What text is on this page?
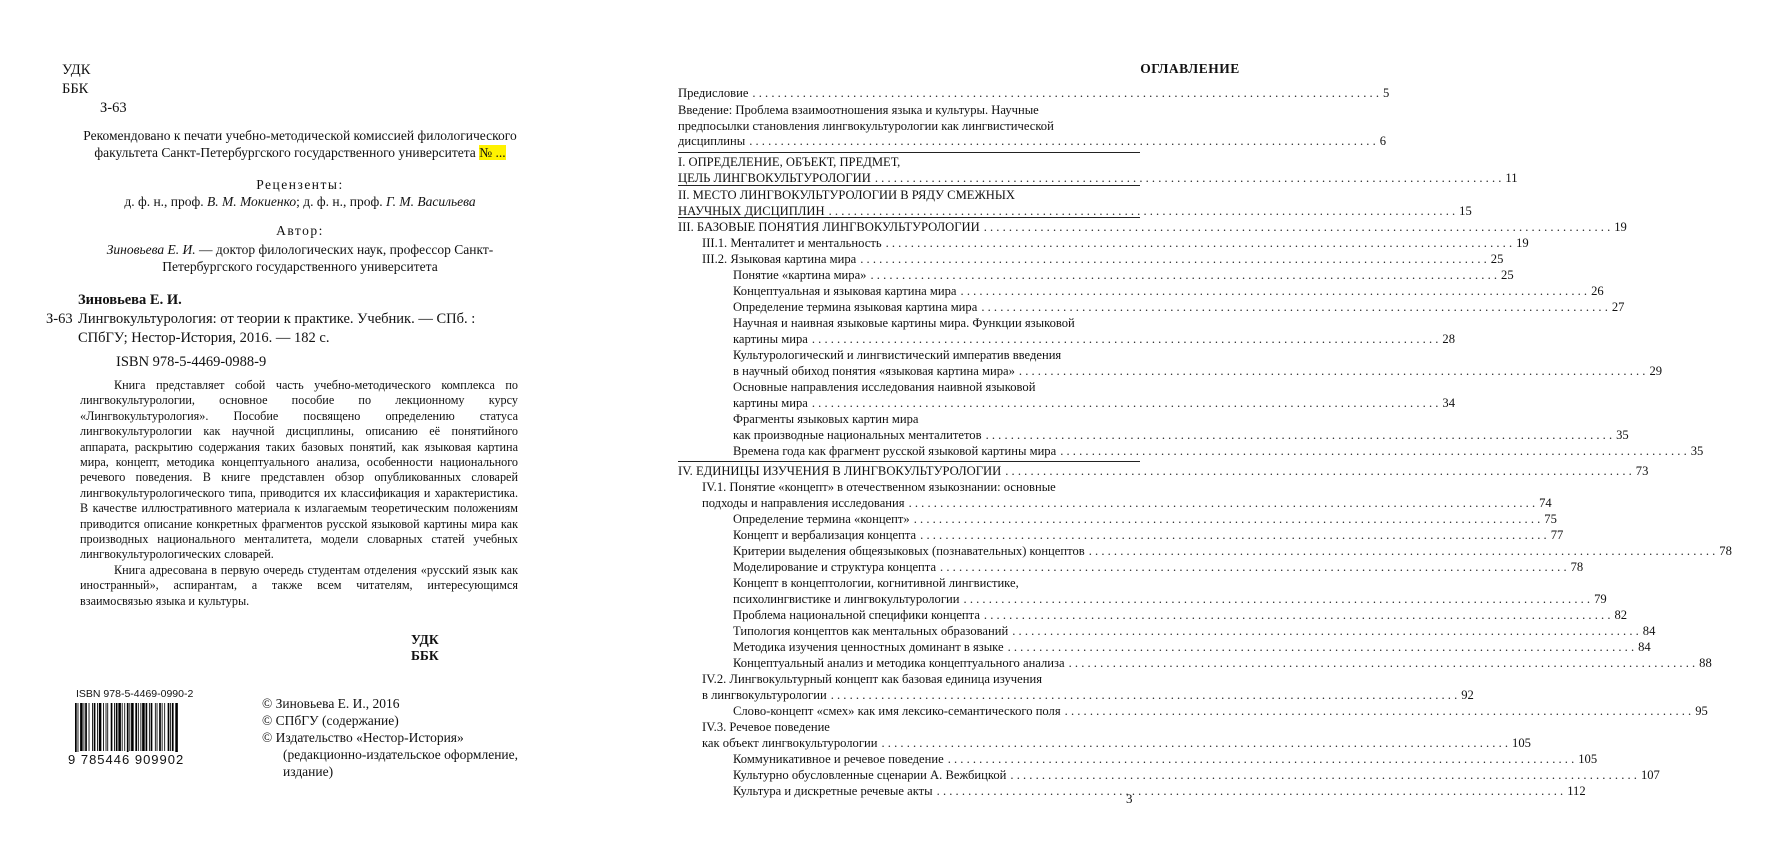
УДК
ББК
З-63
Рекомендовано к печати учебно-методической комиссией филологического
факультета Санкт-Петербургского государственного университета № ...
Рецензенты:
д. ф. н., проф. В. М. Мокиенко; д. ф. н., проф. Г. М. Васильева
Автор:
Зиновьева Е. И. — доктор филологических наук, профессор Санкт-
Петербургского государственного университета
Зиновьева Е. И.
З-63 Лингвокультурология: от теории к практике. Учебник. — СПб. :
СПбГУ; Нестор-История, 2016. — 182 с.
ISBN 978-5-4469-0988-9

Книга представляет собой часть учебно-методического комплекса по лингвокультурологии, основное пособие по лекционному курсу «Лингвокультурология». Пособие посвящено определению статуса лингвокультурологии как научной дисциплины, описанию её понятийного аппарата, раскрытию содержания таких базовых понятий, как языковая картина мира, концепт, методика концептуального анализа, особенности национального речевого поведения. В книге представлен обзор опубликованных словарей лингвокультурологического типа, приводится их классификация и характеристика. В качестве иллюстративного материала к излагаемым теоретическим положениям приводится описание конкретных фрагментов русской языковой картины мира как производных национального менталитета, модели словарных статей учебных лингвокультурологических словарей.

Книга адресована в первую очередь студентам отделения «русский язык как иностранный», аспирантам, а также всем читателям, интересующимся взаимосвязью языка и культуры.

УДК
ББК
ISBN 978-5-4469-0990-2
9 785446 909902
© Зиновьева Е. И., 2016
© СПбГУ (содержание)
© Издательство «Нестор-История»
(редакционно-издательское оформление,
издание)
ОГЛАВЛЕНИЕ
Предисловие . . .	5
Введение: Проблема взаимоотношения языка и культуры. Научные
предпосылки становления лингвокультурологии как лингвистической
дисциплины . . .	6
I. ОПРЕДЕЛЕНИЕ, ОБЪЕКТ, ПРЕДМЕТ,
ЦЕЛЬ ЛИНГВОКУЛЬТУРОЛОГИИ . . .	11
II. МЕСТО ЛИНГВОКУЛЬТУРОЛОГИИ В РЯДУ СМЕЖНЫХ
НАУЧНЫХ ДИСЦИПЛИН . . .	15
III. БАЗОВЫЕ ПОНЯТИЯ ЛИНГВОКУЛЬТУРОЛОГИИ . . .	19
III.1. Менталитет и ментальность . . .	19
III.2. Языковая картина мира . . .	25
Понятие «картина мира» . . .	25
Концептуальная и языковая картина мира . . .	26
Определение термина языковая картина мира . . .	27
Научная и наивная языковые картины мира. Функции языковой
картины мира . . .	28
Культурологический и лингвистический императив введения
в научный обиход понятия «языковая картина мира» . . .	29
Основные направления исследования наивной языковой
картины мира . . .	34
Фрагменты языковых картин мира
как производные национальных менталитетов . . .	35
Времена года как фрагмент русской языковой картины мира . . .	35
IV. ЕДИНИЦЫ ИЗУЧЕНИЯ В ЛИНГВОКУЛЬТУРОЛОГИИ . . .	73
IV.1. Понятие «концепт» в отечественном языкознании: основные
подходы и направления исследования . . .	74
Определение термина «концепт» . . .	75
Концепт и вербализация концепта . . .	77
Критерии выделения общеязыковых (познавательных) концептов . . .	78
Моделирование и структура концепта . . .	78
Концепт в концептологии, когнитивной лингвистике,
психолингвистике и лингвокультурологии . . .	79
Проблема национальной специфики концепта . . .	82
Типология концептов как ментальных образований . . .	84
Методика изучения ценностных доминант в языке . . .	84
Концептуальный анализ и методика концептуального анализа . . .	88
IV.2. Лингвокультурный концепт как базовая единица изучения
в лингвокультурологии . . .	92
Слово-концепт «смех» как имя лексико-семантического поля . . .	95
IV.3. Речевое поведение
как объект лингвокультурологии . . .	105
Коммуникативное и речевое поведение . . .	105
Культурно обусловленные сценарии А. Вежбицкой . . .	107
Культура и дискретные речевые акты . . .	112
3
